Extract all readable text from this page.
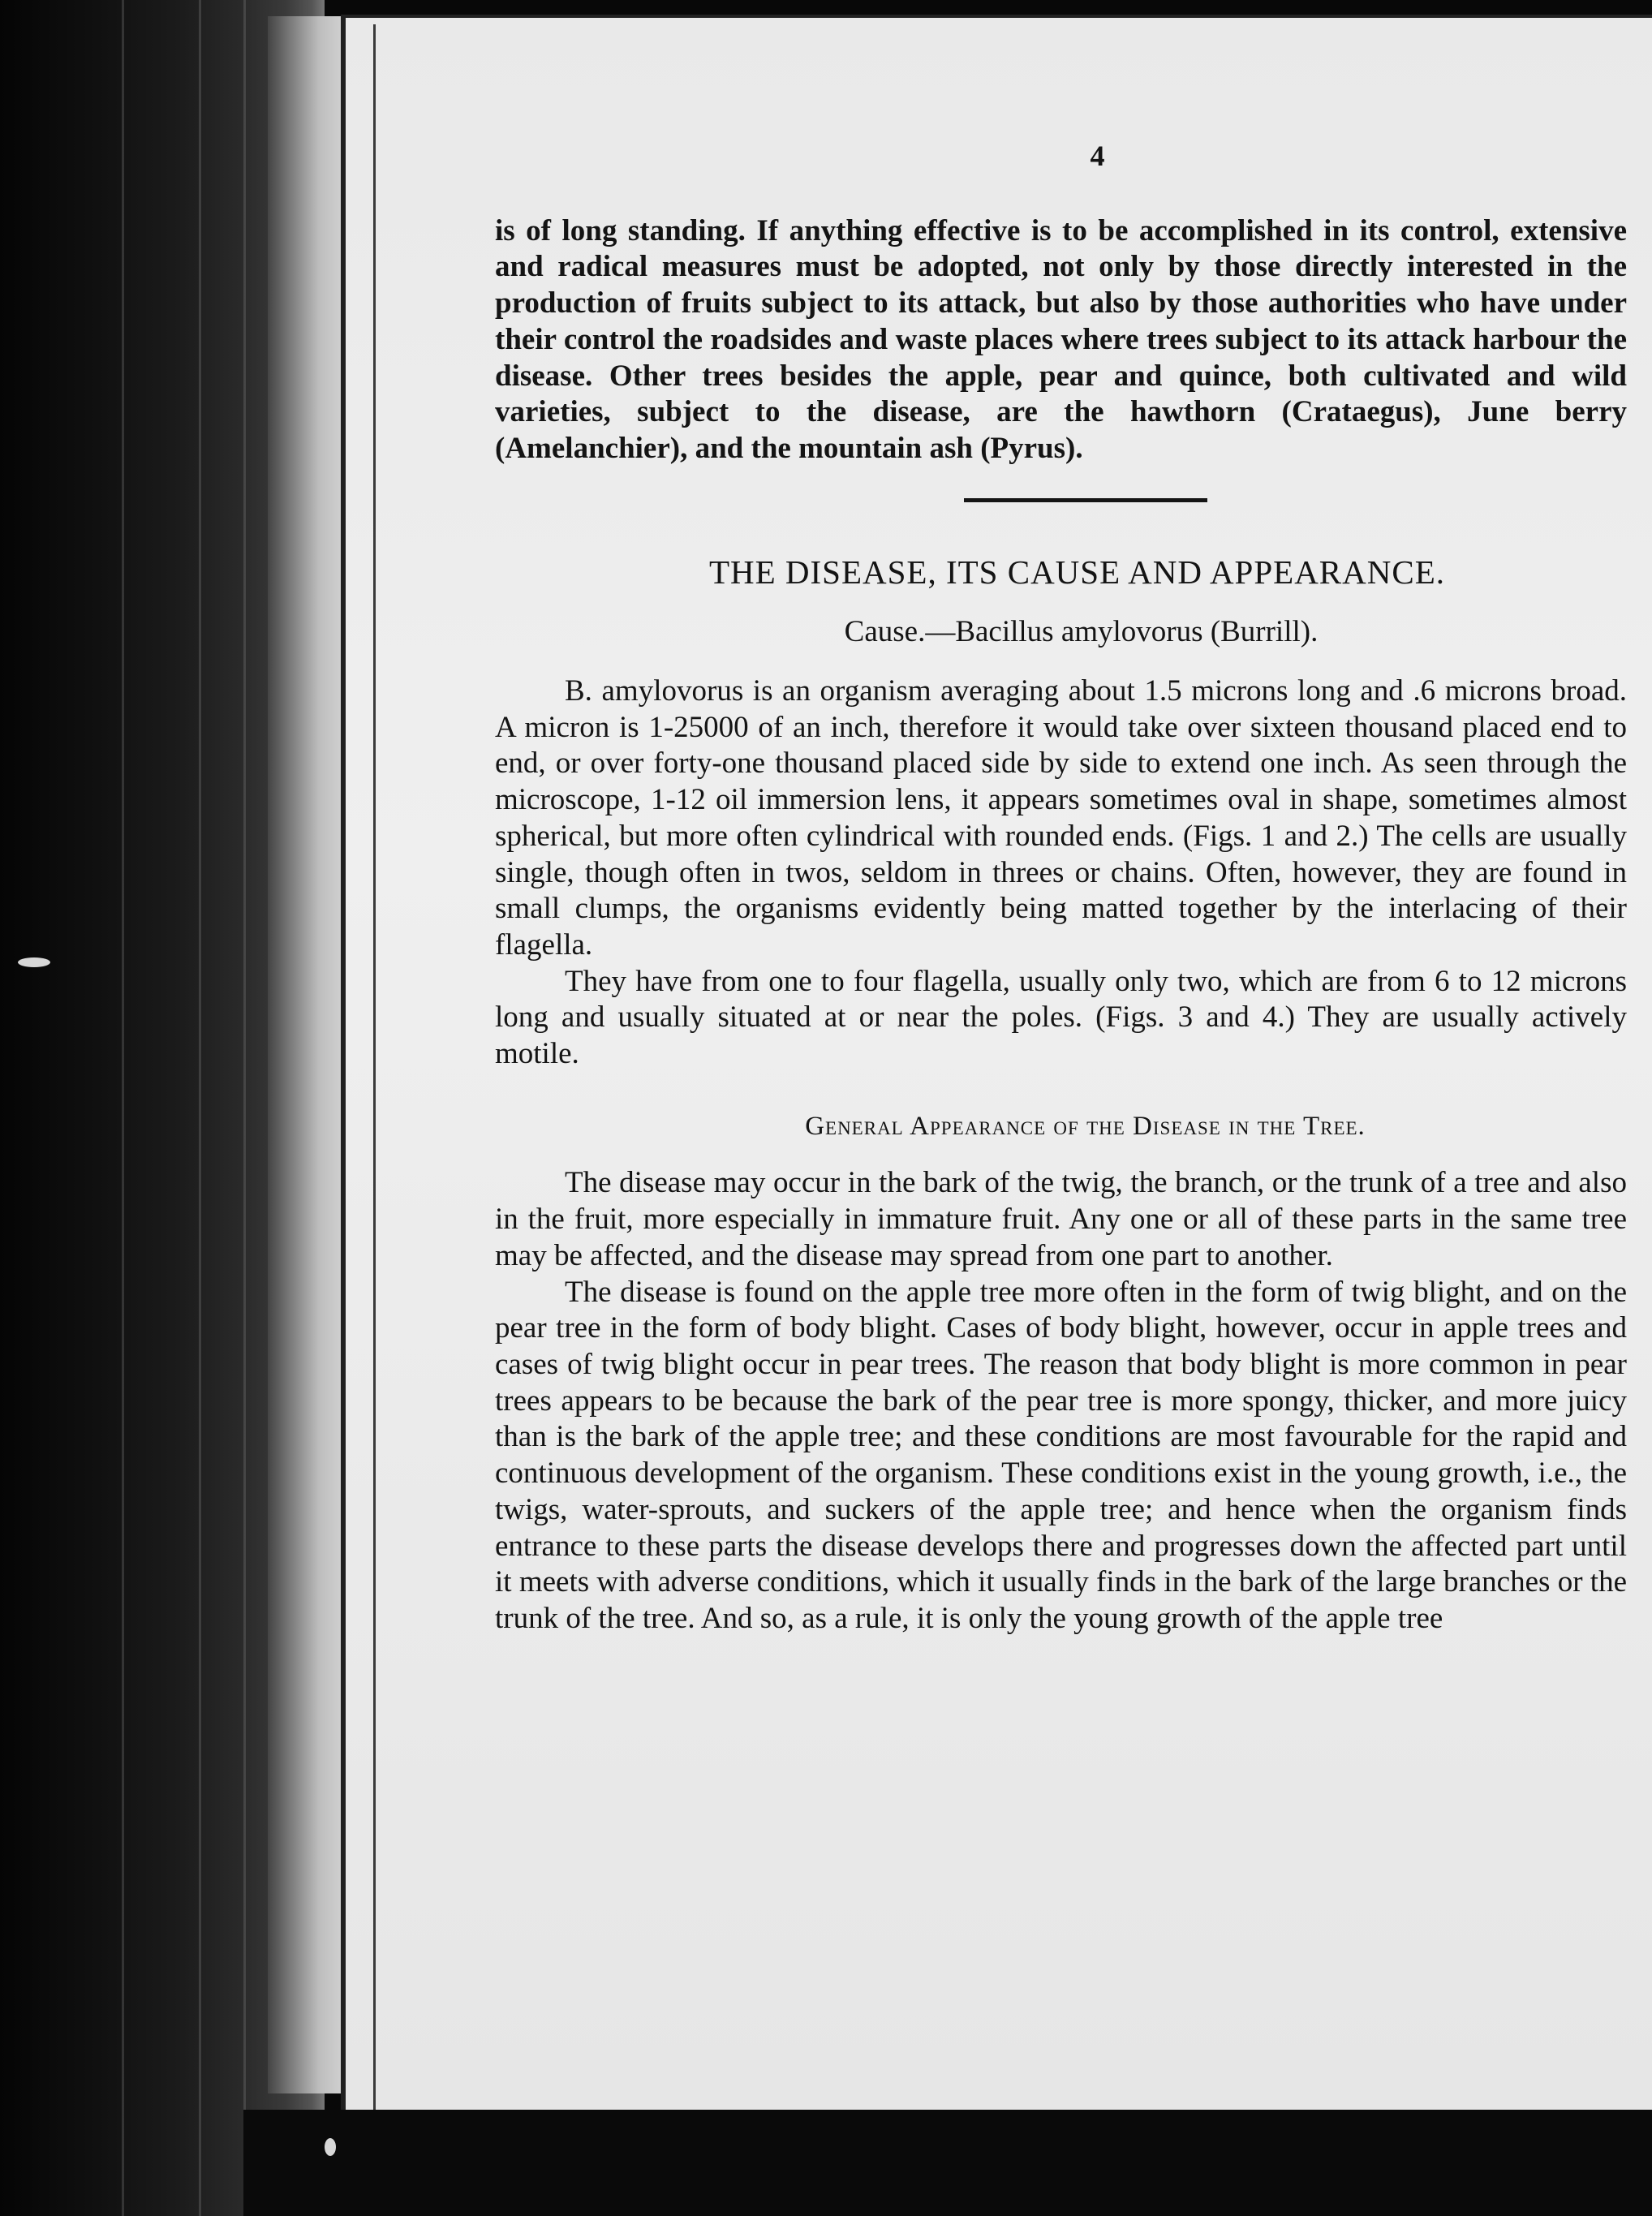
4

is of long standing. If anything effective is to be accomplished in its control, extensive and radical measures must be adopted, not only by those directly interested in the production of fruits subject to its attack, but also by those authorities who have under their control the roadsides and waste places where trees subject to its attack harbour the disease. Other trees besides the apple, pear and quince, both cultivated and wild varieties, subject to the disease, are the hawthorn (Crataegus), June berry (Amelanchier), and the mountain ash (Pyrus).

THE DISEASE, ITS CAUSE AND APPEARANCE.
Cause.—Bacillus amylovorus (Burrill).

B. amylovorus is an organism averaging about 1.5 microns long and .6 microns broad. A micron is 1-25000 of an inch, therefore it would take over sixteen thousand placed end to end, or over forty-one thousand placed side by side to extend one inch. As seen through the microscope, 1-12 oil immersion lens, it appears sometimes oval in shape, sometimes almost spherical, but more often cylindrical with rounded ends. (Figs. 1 and 2.) The cells are usually single, though often in twos, seldom in threes or chains. Often, however, they are found in small clumps, the organisms evidently being matted together by the interlacing of their flagella.

They have from one to four flagella, usually only two, which are from 6 to 12 microns long and usually situated at or near the poles. (Figs. 3 and 4.) They are usually actively motile.

General Appearance of the Disease in the Tree.

The disease may occur in the bark of the twig, the branch, or the trunk of a tree and also in the fruit, more especially in immature fruit. Any one or all of these parts in the same tree may be affected, and the disease may spread from one part to another.

The disease is found on the apple tree more often in the form of twig blight, and on the pear tree in the form of body blight. Cases of body blight, however, occur in apple trees and cases of twig blight occur in pear trees. The reason that body blight is more common in pear trees appears to be because the bark of the pear tree is more spongy, thicker, and more juicy than is the bark of the apple tree; and these conditions are most favourable for the rapid and continuous development of the organism. These conditions exist in the young growth, i.e., the twigs, water-sprouts, and suckers of the apple tree; and hence when the organism finds entrance to these parts the disease develops there and progresses down the affected part until it meets with adverse conditions, which it usually finds in the bark of the large branches or the trunk of the tree. And so, as a rule, it is only the young growth of the apple tree
